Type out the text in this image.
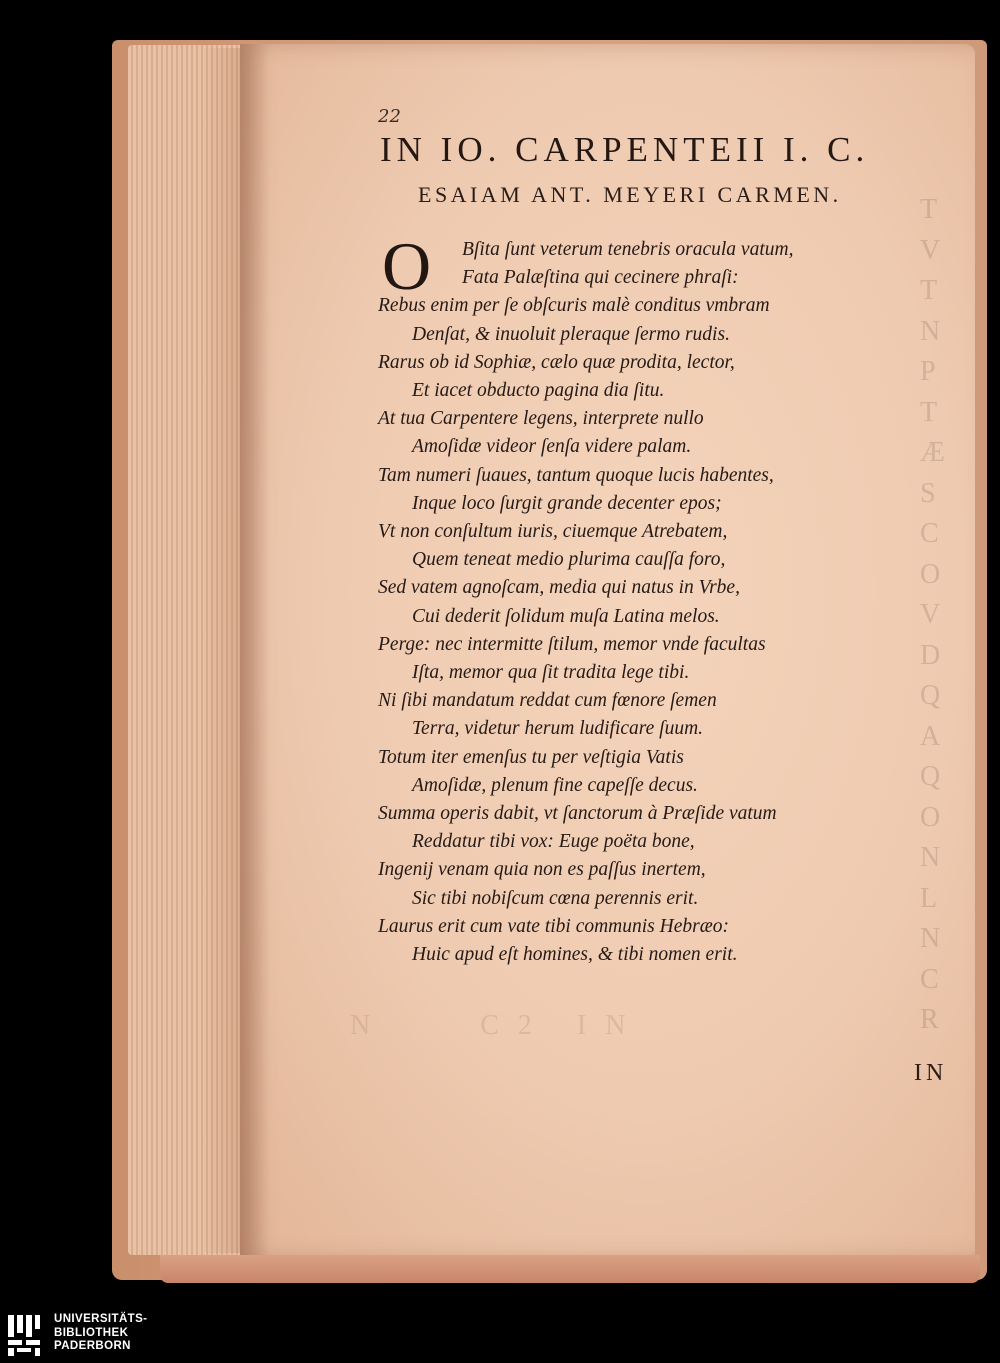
T
V
T
N
P
T
Æ
S
C
O
V
D
Q
A
Q
O
N
L
N
C
R
N        C 2   I N
22
IN IO. CARPENTEII I. C.
ESAIAM ANT. MEYERI CARMEN.
O	Bſita ſunt veterum tenebris oracula vatum,
Fata Palæſtina qui cecinere phraſi:
Rebus enim per ſe obſcuris malè conditus vmbram
Denſat, & inuoluit pleraque ſermo rudis.
Rarus ob id Sophiæ, cælo quæ prodita, lector,
Et iacet obducto pagina dia ſitu.
At tua Carpentere legens, interprete nullo
Amoſidæ videor ſenſa videre palam.
Tam numeri ſuaues, tantum quoque lucis habentes,
Inque loco ſurgit grande decenter epos;
Vt non conſultum iuris, ciuemque Atrebatem,
Quem teneat medio plurima cauſſa foro,
Sed vatem agnoſcam, media qui natus in Vrbe,
Cui dederit ſolidum muſa Latina melos.
Perge: nec intermitte ſtilum, memor vnde facultas
Iſta, memor qua ſit tradita lege tibi.
Ni ſibi mandatum reddat cum fœnore ſemen
Terra, videtur herum ludificare ſuum.
Totum iter emenſus tu per veſtigia Vatis
Amoſidæ, plenum fine capeſſe decus.
Summa operis dabit, vt ſanctorum à Præſide vatum
Reddatur tibi vox: Euge poëta bone,
Ingenij venam quia non es paſſus inertem,
Sic tibi nobiſcum cœna perennis erit.
Laurus erit cum vate tibi communis Hebræo:
Huic apud eſt homines, & tibi nomen erit.
IN
UNIVERSITÄTS-
BIBLIOTHEK
PADERBORN
